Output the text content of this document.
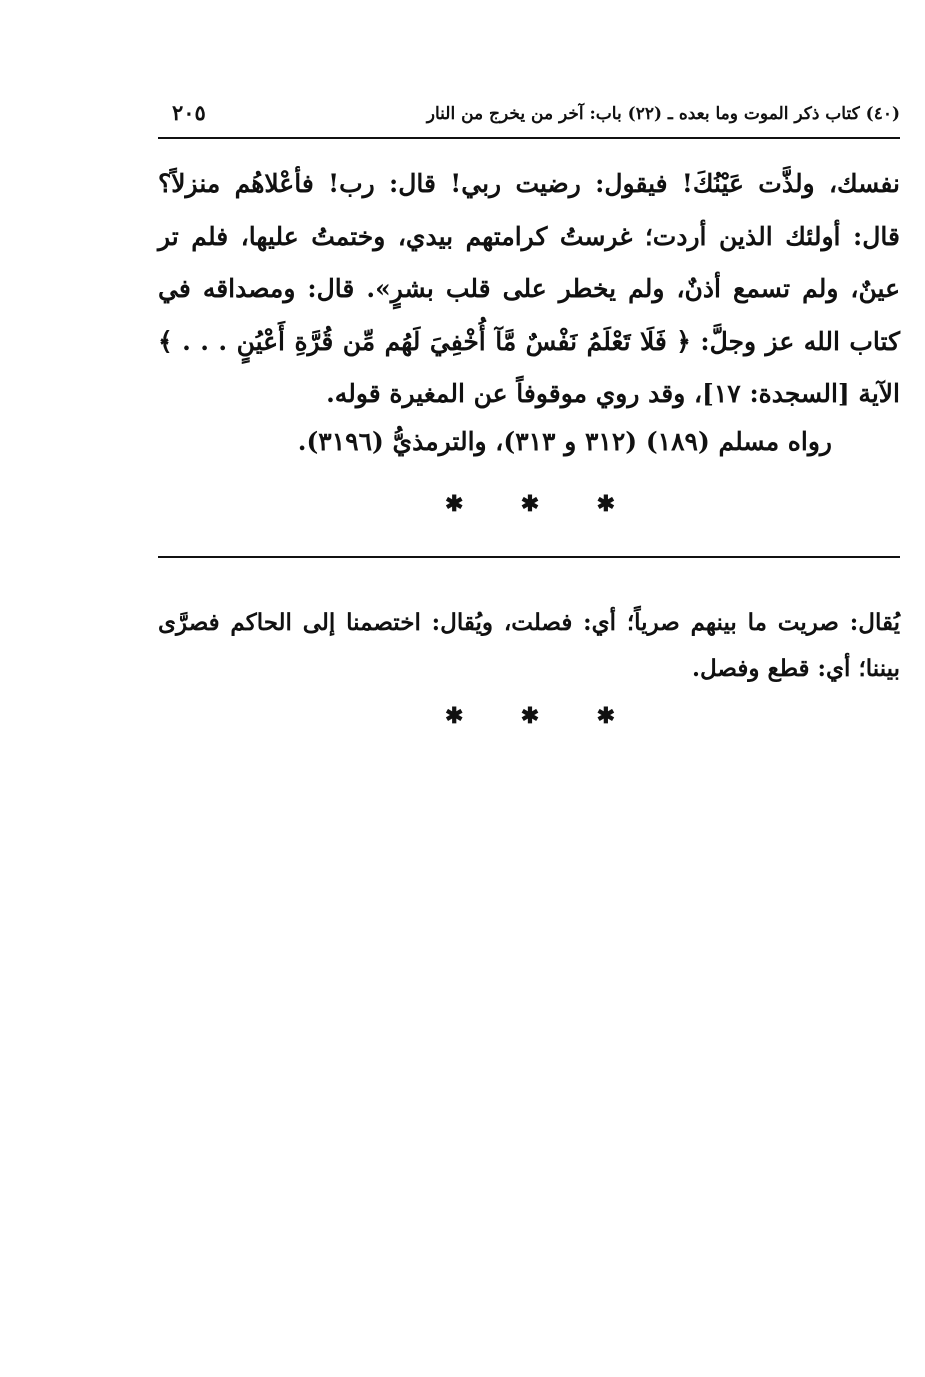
(٤٠) كتاب ذكر الموت وما بعده ـ (٢٢) باب: آخر من يخرج من النار
٢٠٥

نفسك، ولذَّت عَيْنُكَ! فيقول: رضيت ربي! قال: رب! فأعْلاهُم منزلاً؟ قال: أولئك الذين أردت؛ غرستُ كرامتهم بيدي، وختمتُ عليها، فلم تر عينٌ، ولم تسمع أذنٌ، ولم يخطر على قلب بشرٍ». قال: ومصداقه في كتاب الله عز وجلَّ: ﴿ فَلَا تَعْلَمُ نَفْسٌ مَّآ أُخْفِيَ لَهُم مِّن قُرَّةِ أَعْيُنٍ . . . ﴾ الآية [السجدة: ١٧]، وقد روي موقوفاً عن المغيرة قوله.

رواه مسلم (١٨٩) (٣١٢ و ٣١٣)، والترمذيُّ (٣١٩٦).
✱	✱	✱

يُقال: صريت ما بينهم صرياً؛ أي: فصلت، ويُقال: اختصمنا إلى الحاكم فصرَّى بيننا؛ أي: قطع وفصل.

✱	✱	✱
